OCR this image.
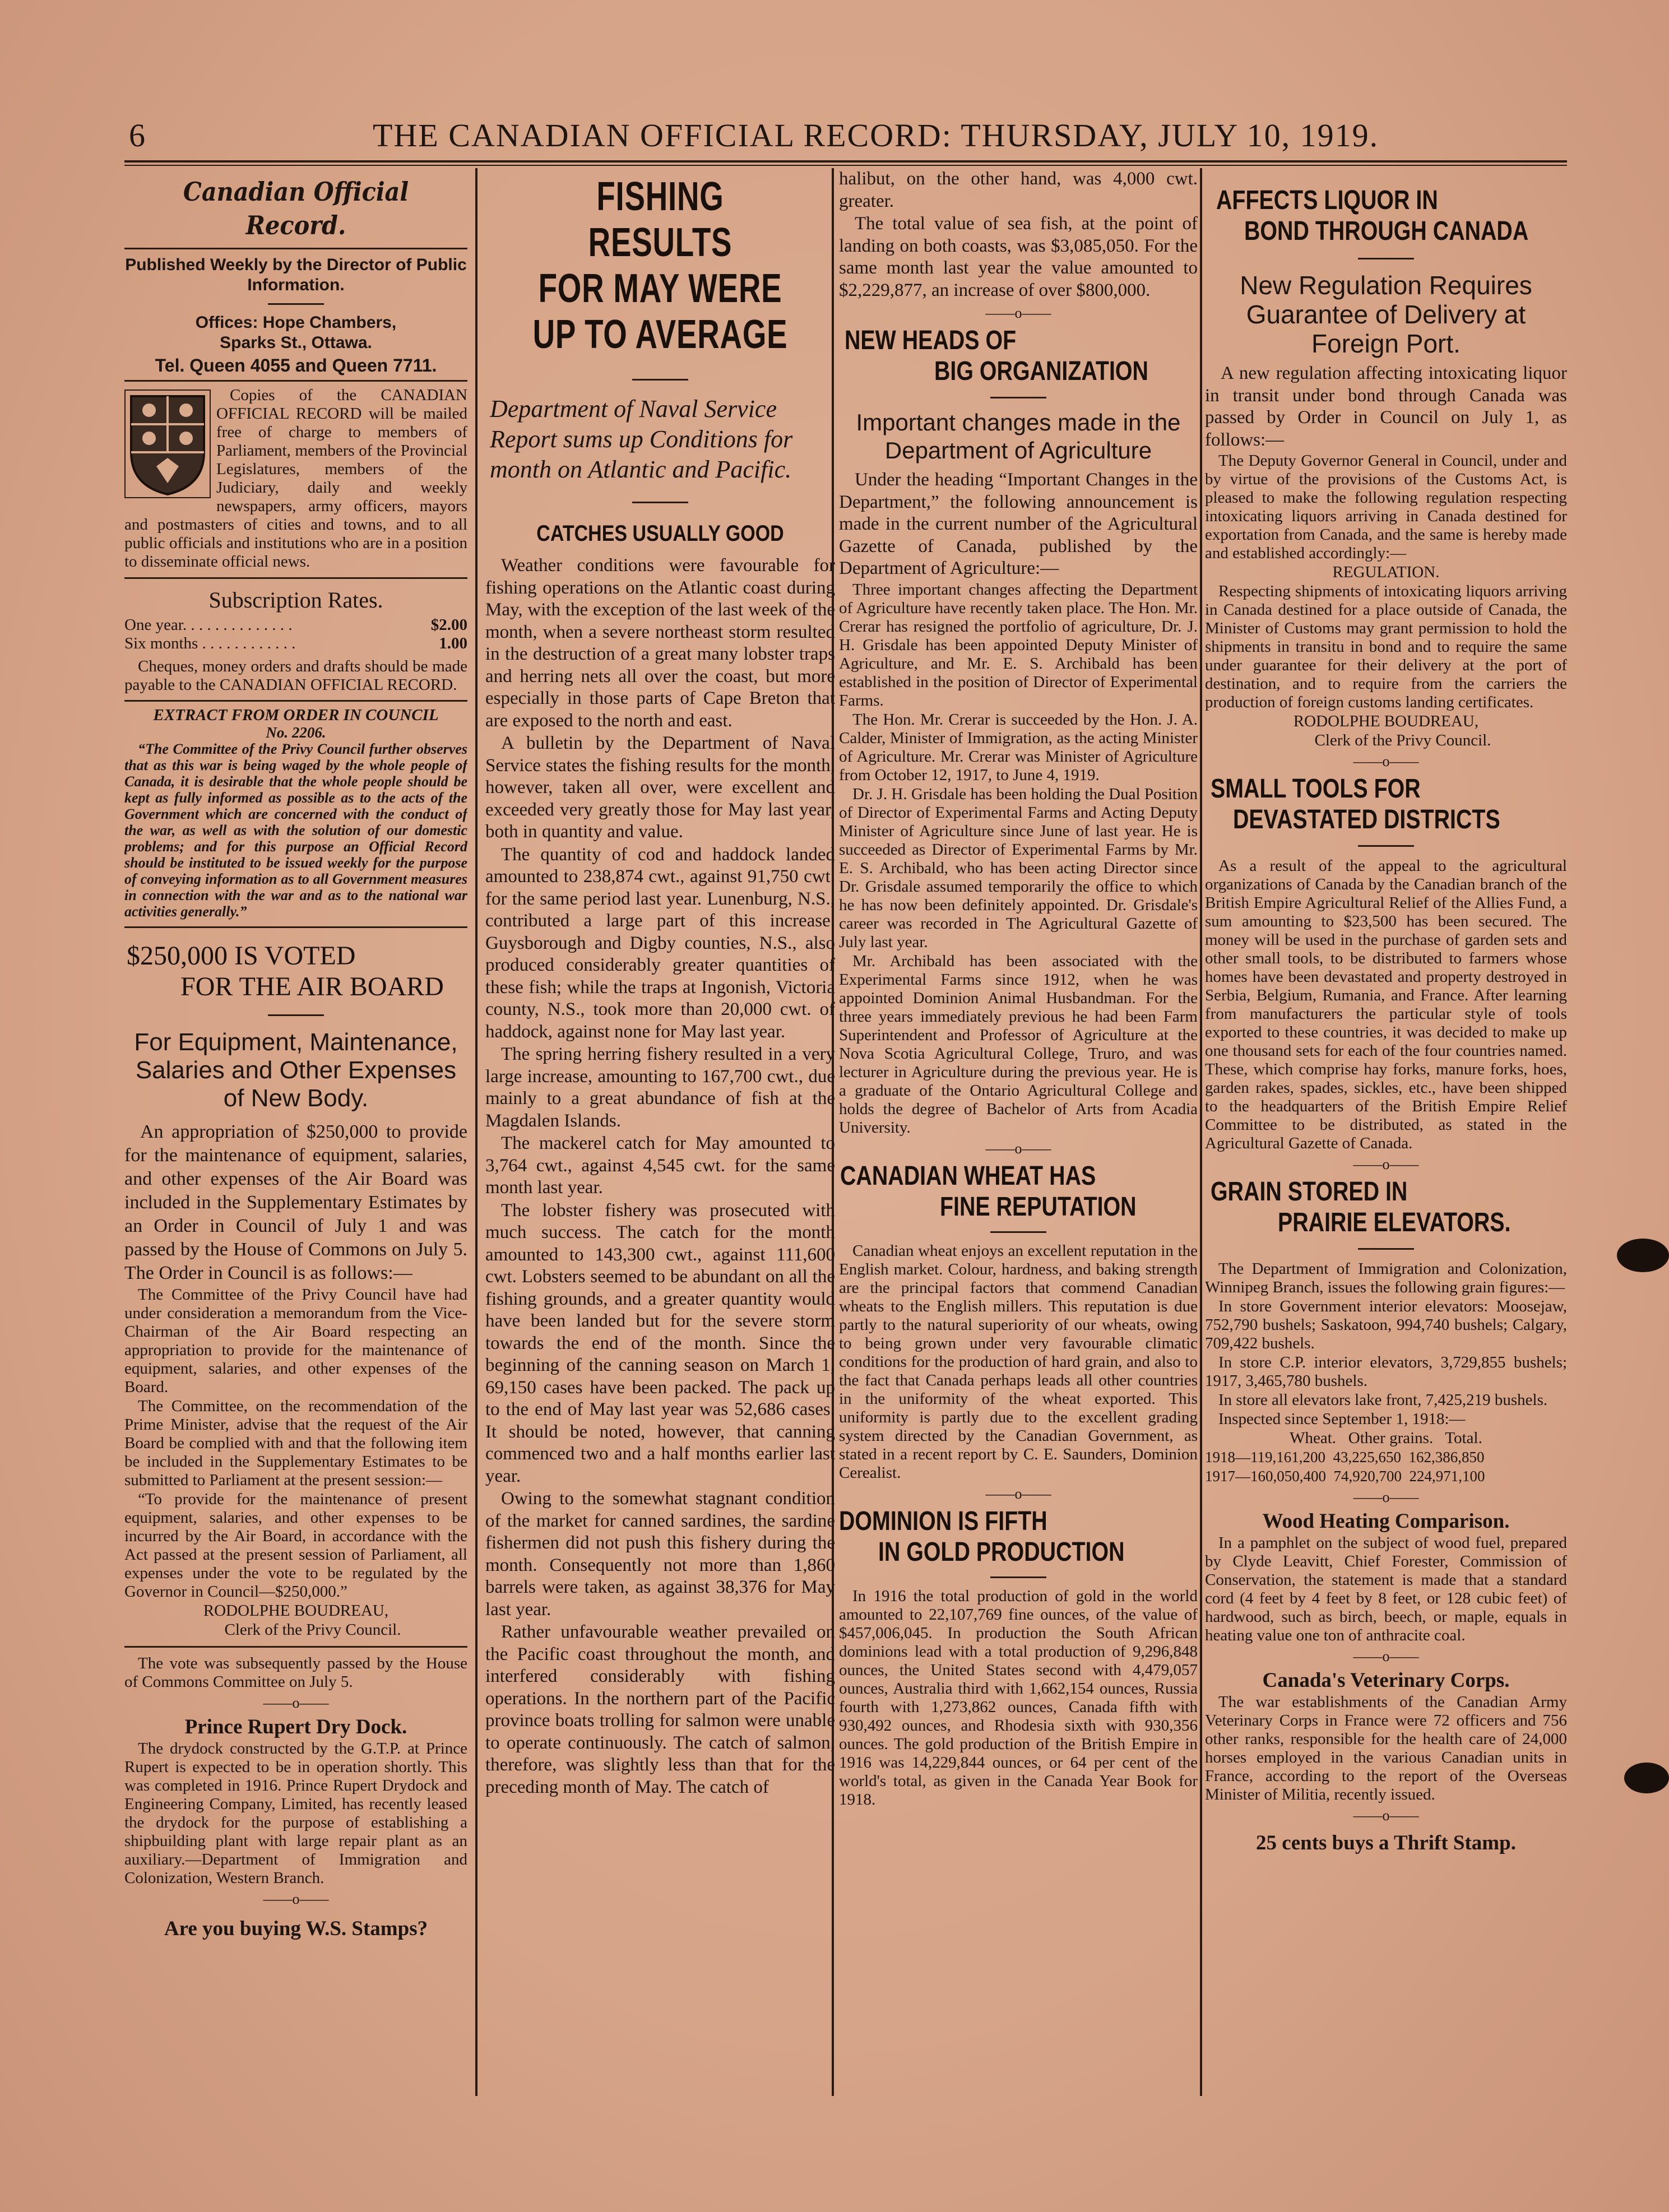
6	THE CANADIAN OFFICIAL RECORD: THURSDAY, JULY 10, 1919.
Canadian Official Record.

Published Weekly by the Director of Public Information.

Offices: Hope Chambers,

Sparks St., Ottawa.

Tel. Queen 4055 and Queen 7711.

Copies of the CANADIAN OFFICIAL RECORD will be mailed free of charge to members of Parliament, members of the Provincial Legislatures, members of the Judiciary, daily and weekly newspapers, army officers, mayors and postmasters of cities and towns, and to all public officials and institutions who are in a position to disseminate official news.

Subscription Rates.

One year. . . . . . . . . . . . . .	$2.00
Six months . . . . . . . . . . . .	1.00

Cheques, money orders and drafts should be made payable to the CANADIAN OFFICIAL RECORD.

EXTRACT FROM ORDER IN COUNCIL

No. 2206.

“The Committee of the Privy Council further observes that as this war is being waged by the whole people of Canada, it is desirable that the whole people should be kept as fully informed as possible as to the acts of the Government which are concerned with the conduct of the war, as well as with the solution of our domestic problems; and for this purpose an Official Record should be instituted to be issued weekly for the purpose of conveying information as to all Government measures in connection with the war and as to the national war activities generally.”

$250,000 IS VOTED

FOR THE AIR BOARD

For Equipment, Maintenance, Salaries and Other Expenses of New Body.

An appropriation of $250,000 to provide for the maintenance of equipment, salaries, and other expenses of the Air Board was included in the Supplementary Estimates by an Order in Council of July 1 and was passed by the House of Commons on July 5. The Order in Council is as follows:—

The Committee of the Privy Council have had under consideration a memorandum from the Vice-Chairman of the Air Board respecting an appropriation to provide for the maintenance of equipment, salaries, and other expenses of the Board.

The Committee, on the recommendation of the Prime Minister, advise that the request of the Air Board be complied with and that the following item be included in the Supplementary Estimates to be submitted to Parliament at the present session:—

“To provide for the maintenance of present equipment, salaries, and other expenses to be incurred by the Air Board, in accordance with the Act passed at the present session of Parliament, all expenses under the vote to be regulated by the Governor in Council—$250,000.”

RODOLPHE BOUDREAU,

Clerk of the Privy Council.

The vote was subsequently passed by the House of Commons Committee on July 5.

——o——

Prince Rupert Dry Dock.

The drydock constructed by the G.T.P. at Prince Rupert is expected to be in operation shortly. This was completed in 1916. Prince Rupert Drydock and Engineering Company, Limited, has recently leased the drydock for the purpose of establishing a shipbuilding plant with large repair plant as an auxiliary.—Department of Immigration and Colonization, Western Branch.

——o——

Are you buying W.S. Stamps?

FISHING RESULTS

FOR MAY WERE

UP TO AVERAGE

Department of Naval Service Report sums up Conditions for month on Atlantic and Pacific.

CATCHES USUALLY GOOD

Weather conditions were favourable for fishing operations on the Atlantic coast during May, with the exception of the last week of the month, when a severe northeast storm resulted in the destruction of a great many lobster traps and herring nets all over the coast, but more especially in those parts of Cape Breton that are exposed to the north and east.

A bulletin by the Department of Naval Service states the fishing results for the month, however, taken all over, were excellent and exceeded very greatly those for May last year, both in quantity and value.

The quantity of cod and haddock landed amounted to 238,874 cwt., against 91,750 cwt. for the same period last year. Lunenburg, N.S., contributed a large part of this increase. Guysborough and Digby counties, N.S., also produced considerably greater quantities of these fish; while the traps at Ingonish, Victoria county, N.S., took more than 20,000 cwt. of haddock, against none for May last year.

The spring herring fishery resulted in a very large increase, amounting to 167,700 cwt., due mainly to a great abundance of fish at the Magdalen Islands.

The mackerel catch for May amounted to 3,764 cwt., against 4,545 cwt. for the same month last year.

The lobster fishery was prosecuted with much success. The catch for the month amounted to 143,300 cwt., against 111,600 cwt. Lobsters seemed to be abundant on all the fishing grounds, and a greater quantity would have been landed but for the severe storm towards the end of the month. Since the beginning of the canning season on March 1, 69,150 cases have been packed. The pack up to the end of May last year was 52,686 cases. It should be noted, however, that canning commenced two and a half months earlier last year.

Owing to the somewhat stagnant condition of the market for canned sardines, the sardine fishermen did not push this fishery during the month. Consequently not more than 1,860 barrels were taken, as against 38,376 for May last year.

Rather unfavourable weather prevailed on the Pacific coast throughout the month, and interfered considerably with fishing operations. In the northern part of the Pacific province boats trolling for salmon were unable to operate continuously. The catch of salmon, therefore, was slightly less than that for the preceding month of May. The catch of

halibut, on the other hand, was 4,000 cwt. greater.

The total value of sea fish, at the point of landing on both coasts, was $3,085,050. For the same month last year the value amounted to $2,229,877, an increase of over $800,000.

——o——

NEW HEADS OF

BIG ORGANIZATION

Important changes made in the Department of Agriculture

Under the heading “Important Changes in the Department,” the following announcement is made in the current number of the Agricultural Gazette of Canada, published by the Department of Agriculture:—

Three important changes affecting the Department of Agriculture have recently taken place. The Hon. Mr. Crerar has resigned the portfolio of agriculture, Dr. J. H. Grisdale has been appointed Deputy Minister of Agriculture, and Mr. E. S. Archibald has been established in the position of Director of Experimental Farms.

The Hon. Mr. Crerar is succeeded by the Hon. J. A. Calder, Minister of Immigration, as the acting Minister of Agriculture. Mr. Crerar was Minister of Agriculture from October 12, 1917, to June 4, 1919.

Dr. J. H. Grisdale has been holding the Dual Position of Director of Experimental Farms and Acting Deputy Minister of Agriculture since June of last year. He is succeeded as Director of Experimental Farms by Mr. E. S. Archibald, who has been acting Director since Dr. Grisdale assumed temporarily the office to which he has now been definitely appointed. Dr. Grisdale's career was recorded in The Agricultural Gazette of July last year.

Mr. Archibald has been associated with the Experimental Farms since 1912, when he was appointed Dominion Animal Husbandman. For the three years immediately previous he had been Farm Superintendent and Professor of Agriculture at the Nova Scotia Agricultural College, Truro, and was lecturer in Agriculture during the previous year. He is a graduate of the Ontario Agricultural College and holds the degree of Bachelor of Arts from Acadia University.

——o——

CANADIAN WHEAT HAS

FINE REPUTATION

Canadian wheat enjoys an excellent reputation in the English market. Colour, hardness, and baking strength are the principal factors that commend Canadian wheats to the English millers. This reputation is due partly to the natural superiority of our wheats, owing to being grown under very favourable climatic conditions for the production of hard grain, and also to the fact that Canada perhaps leads all other countries in the uniformity of the wheat exported. This uniformity is partly due to the excellent grading system directed by the Canadian Government, as stated in a recent report by C. E. Saunders, Dominion Cerealist.

——o——

DOMINION IS FIFTH

IN GOLD PRODUCTION

In 1916 the total production of gold in the world amounted to 22,107,769 fine ounces, of the value of $457,006,045. In production the South African dominions lead with a total production of 9,296,848 ounces, the United States second with 4,479,057 ounces, Australia third with 1,662,154 ounces, Russia fourth with 1,273,862 ounces, Canada fifth with 930,492 ounces, and Rhodesia sixth with 930,356 ounces. The gold production of the British Empire in 1916 was 14,229,844 ounces, or 64 per cent of the world's total, as given in the Canada Year Book for 1918.

AFFECTS LIQUOR IN

BOND THROUGH CANADA

New Regulation Requires Guarantee of Delivery at Foreign Port.

A new regulation affecting intoxicating liquor in transit under bond through Canada was passed by Order in Council on July 1, as follows:—

The Deputy Governor General in Council, under and by virtue of the provisions of the Customs Act, is pleased to make the following regulation respecting intoxicating liquors arriving in Canada destined for exportation from Canada, and the same is hereby made and established accordingly:—

REGULATION.

Respecting shipments of intoxicating liquors arriving in Canada destined for a place outside of Canada, the Minister of Customs may grant permission to hold the shipments in transitu in bond and to require the same under guarantee for their delivery at the port of destination, and to require from the carriers the production of foreign customs landing certificates.

RODOLPHE BOUDREAU,

Clerk of the Privy Council.

——o——

SMALL TOOLS FOR

DEVASTATED DISTRICTS

As a result of the appeal to the agricultural organizations of Canada by the Canadian branch of the British Empire Agricultural Relief of the Allies Fund, a sum amounting to $23,500 has been secured. The money will be used in the purchase of garden sets and other small tools, to be distributed to farmers whose homes have been devastated and property destroyed in Serbia, Belgium, Rumania, and France. After learning from manufacturers the particular style of tools exported to these countries, it was decided to make up one thousand sets for each of the four countries named. These, which comprise hay forks, manure forks, hoes, garden rakes, spades, sickles, etc., have been shipped to the headquarters of the British Empire Relief Committee to be distributed, as stated in the Agricultural Gazette of Canada.

——o——

GRAIN STORED IN

PRAIRIE ELEVATORS.

The Department of Immigration and Colonization, Winnipeg Branch, issues the following grain figures:—

In store Government interior elevators: Moosejaw, 752,790 bushels; Saskatoon, 994,740 bushels; Calgary, 709,422 bushels.

In store C.P. interior elevators, 3,729,855 bushels; 1917, 3,465,780 bushels.

In store all elevators lake front, 7,425,219 bushels.

Inspected since September 1, 1918:—

Wheat.   Other grains.   Total.

1918—119,161,200  43,225,650  162,386,850

1917—160,050,400  74,920,700  224,971,100

——o——

Wood Heating Comparison.

In a pamphlet on the subject of wood fuel, prepared by Clyde Leavitt, Chief Forester, Commission of Conservation, the statement is made that a standard cord (4 feet by 4 feet by 8 feet, or 128 cubic feet) of hardwood, such as birch, beech, or maple, equals in heating value one ton of anthracite coal.

——o——

Canada's Veterinary Corps.

The war establishments of the Canadian Army Veterinary Corps in France were 72 officers and 756 other ranks, responsible for the health care of 24,000 horses employed in the various Canadian units in France, according to the report of the Overseas Minister of Militia, recently issued.

——o——

25 cents buys a Thrift Stamp.
